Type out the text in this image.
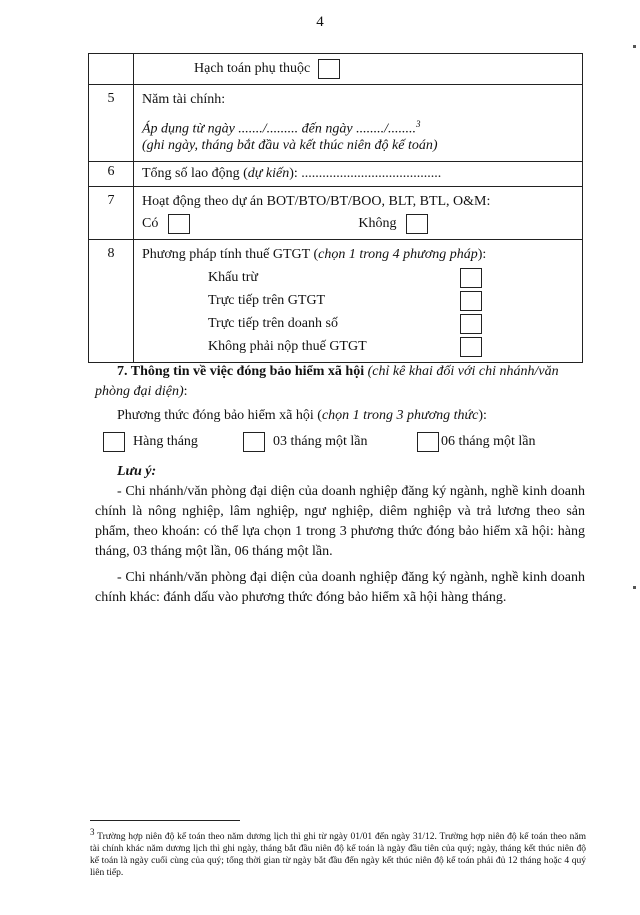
4

	Hạch toán phụ thuộc

5	Năm tài chính:
Áp dụng từ ngày ......./......... đến ngày ......../........$^3$
(ghi ngày, tháng bắt đầu và kết thúc niên độ kế toán)

6	Tổng số lao động (dự kiến): ........................................

7	Hoạt động theo dự án BOT/BTO/BT/BOO, BLT, BTL, O&M:
Có Không

8	Phương pháp tính thuế GTGT (chọn 1 trong 4 phương pháp):
Khấu trừ
Trực tiếp trên GTGT
Trực tiếp trên doanh số
Không phải nộp thuế GTGT
7. Thông tin về việc đóng bảo hiểm xã hội (chỉ kê khai đối với chi nhánh/văn phòng đại diện):
Phương thức đóng bảo hiểm xã hội (chọn 1 trong 3 phương thức):
Hàng tháng	03 tháng một lần	06 tháng một lần
Lưu ý:

- Chi nhánh/văn phòng đại diện của doanh nghiệp đăng ký ngành, nghề kinh doanh chính là nông nghiệp, lâm nghiệp, ngư nghiệp, diêm nghiệp và trả lương theo sản phẩm, theo khoán: có thể lựa chọn 1 trong 3 phương thức đóng bảo hiểm xã hội: hàng tháng, 03 tháng một lần, 06 tháng một lần.

- Chi nhánh/văn phòng đại diện của doanh nghiệp đăng ký ngành, nghề kinh doanh chính khác: đánh dấu vào phương thức đóng bảo hiểm xã hội hàng tháng.

$^3$ Trường hợp niên độ kế toán theo năm dương lịch thì ghi từ ngày 01/01 đến ngày 31/12. Trường hợp niên độ kế toán theo năm tài chính khác năm dương lịch thì ghi ngày, tháng bắt đầu niên độ kế toán là ngày đầu tiên của quý; ngày, tháng kết thúc niên độ kế toán là ngày cuối cùng của quý; tổng thời gian từ ngày bắt đầu đến ngày kết thúc niên độ kế toán phải đủ 12 tháng hoặc 4 quý liên tiếp.
